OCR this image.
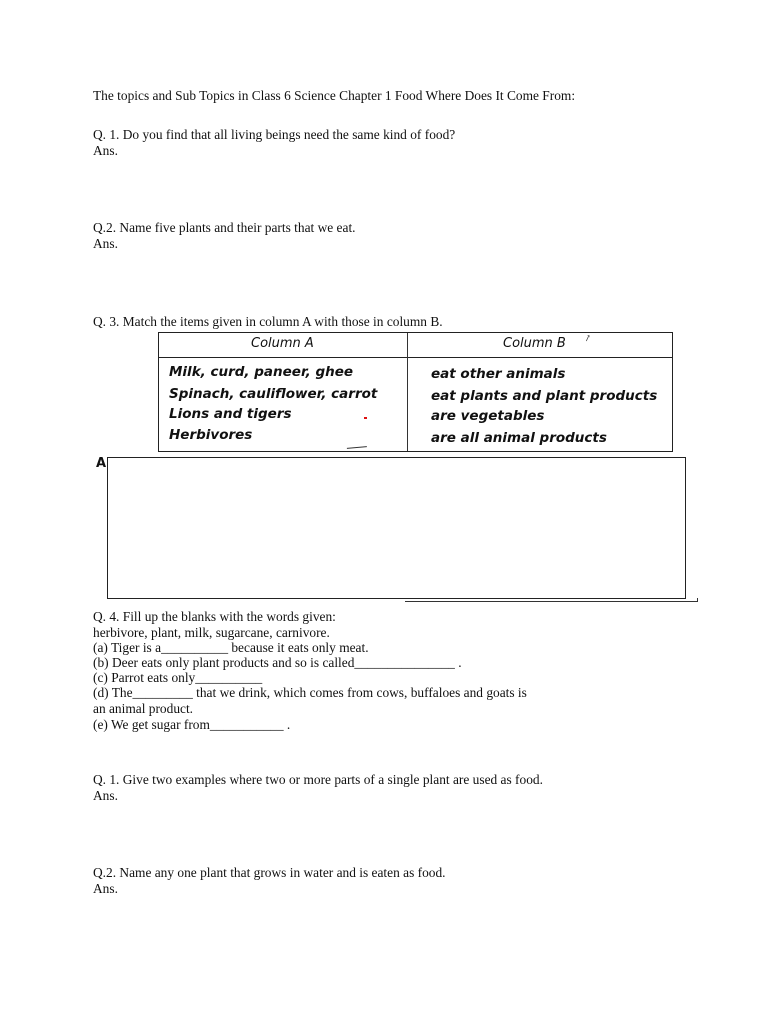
The topics and Sub Topics in Class 6 Science Chapter 1 Food Where Does It Come From:
Q. 1. Do you find that all living beings need the same kind of food?
Ans.
Q.2. Name five plants and their parts that we eat.
Ans.
Q. 3. Match the items given in column A with those in column B.
↗
Column A	Column B
Milk, curd, paneer, ghee
Spinach, cauliflower, carrot
Lions and tigers
Herbivores
eat other animals
eat plants and plant products
are vegetables
are all animal products
A
Q. 4. Fill up the blanks with the words given:
herbivore, plant, milk, sugarcane, carnivore.
(a) Tiger is a__________ because it eats only meat.
(b) Deer eats only plant products and so is called_______________ .
(c) Parrot eats only__________
(d) The_________ that we drink, which comes from cows, buffaloes and goats is
an animal product.
(e) We get sugar from___________ .
Q. 1. Give two examples where two or more parts of a single plant are used as food.
Ans.
Q.2. Name any one plant that grows in water and is eaten as food.
Ans.
